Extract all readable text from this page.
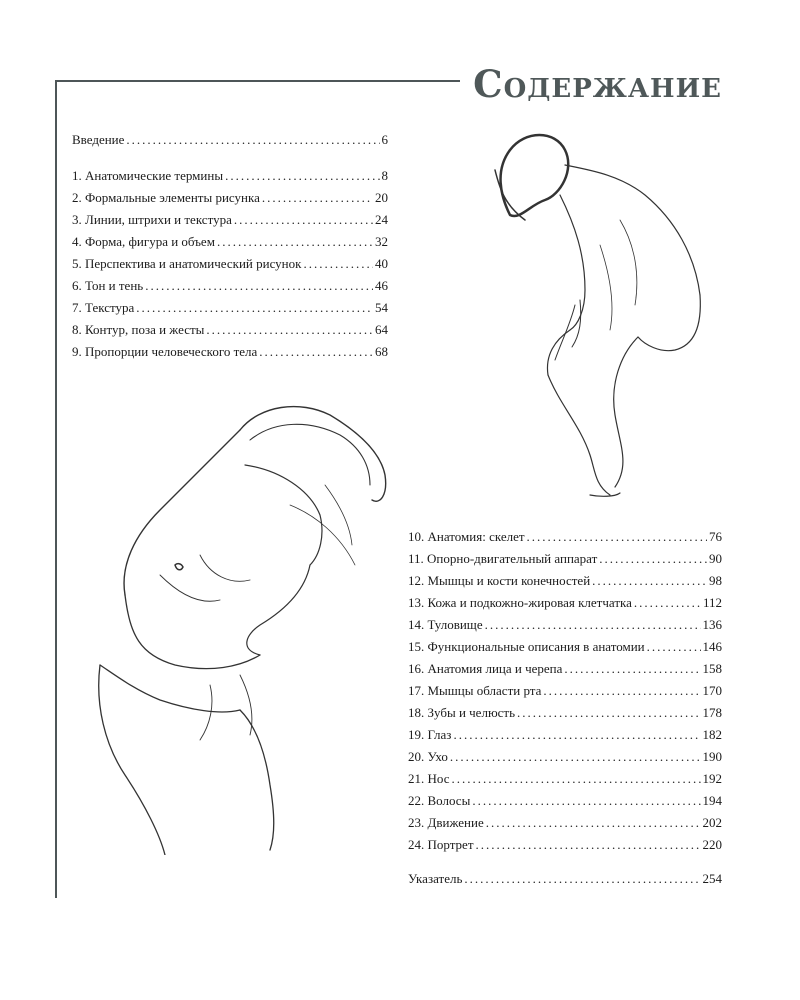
Содержание
Введение .....	6
1. Анатомические термины .....	8
2. Формальные элементы рисунка .....	20
3. Линии, штрихи и текстура .....	24
4. Форма, фигура и объем .....	32
5. Перспектива и анатомический рисунок .....	40
6. Тон и тень .....	46
7. Текстура .....	54
8. Контур, поза и жесты .....	64
9. Пропорции человеческого тела .....	68
10. Анатомия: скелет .....	76
11. Опорно-двигательный аппарат .....	90
12. Мышцы и кости конечностей .....	98
13. Кожа и подкожно-жировая клетчатка .....	112
14. Туловище .....	136
15. Функциональные описания в анатомии .....	146
16. Анатомия лица и черепа .....	158
17. Мышцы области рта .....	170
18. Зубы и челюсть .....	178
19. Глаз .....	182
20. Ухо .....	190
21. Нос .....	192
22. Волосы .....	194
23. Движение .....	202
24. Портрет .....	220
Указатель .....	254
